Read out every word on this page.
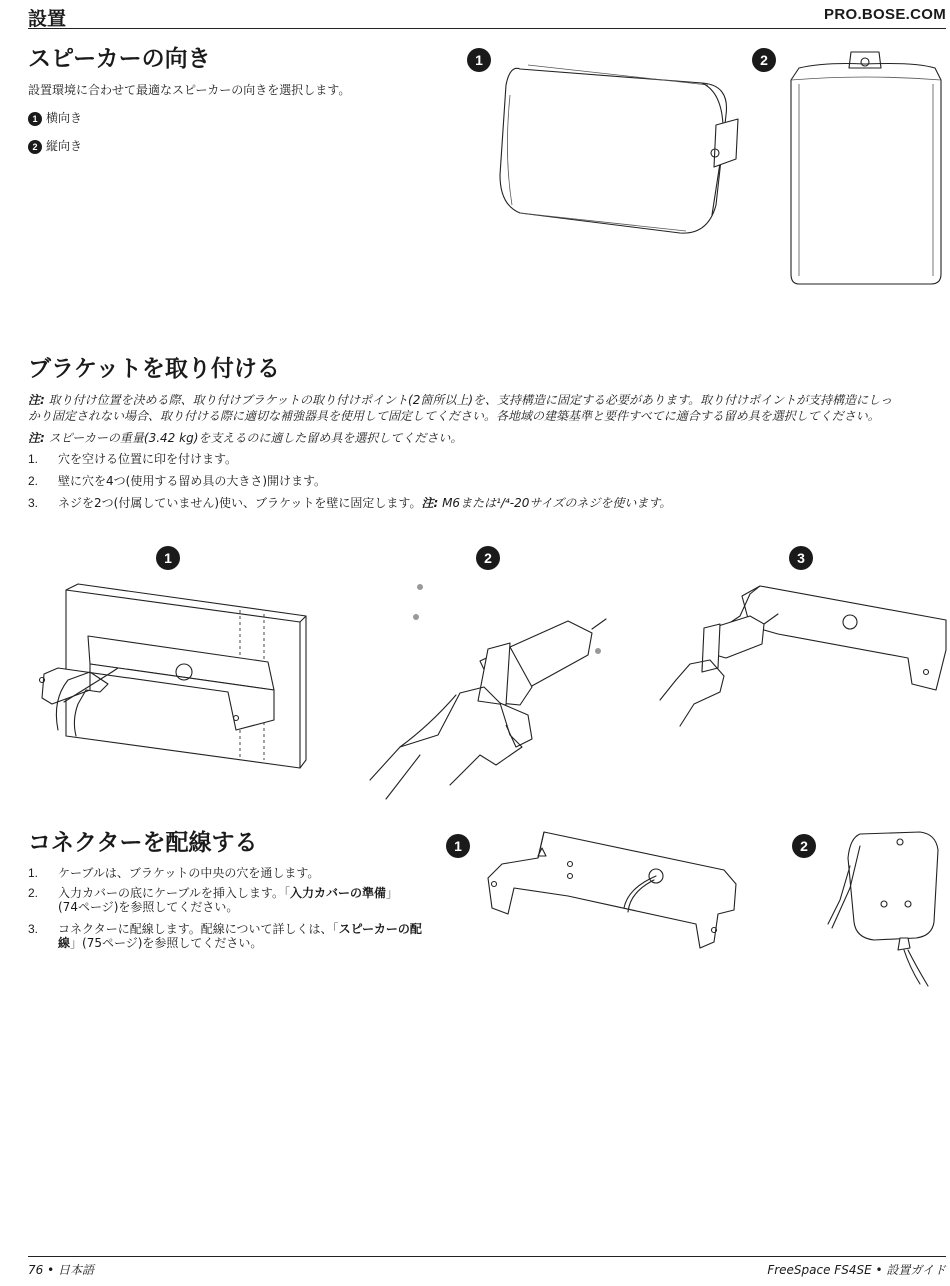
設置	PRO.BOSE.COM
スピーカーの向き
設置環境に合わせて最適なスピーカーの向きを選択します。
1 横向き
2 縦向き
1	2
ブラケットを取り付ける
注: 取り付け位置を決める際、取り付けブラケットの取り付けポイント(2箇所以上)を、支持構造に固定する必要があります。取り付けポイントが支持構造にしっ
かり固定されない場合、取り付ける際に適切な補強器具を使用して固定してください。各地域の建築基準と要件すべてに適合する留め具を選択してください。
注: スピーカーの重量(3.42 kg)を支えるのに適した留め具を選択してください。
1. 穴を空ける位置に印を付けます。
2. 壁に穴を4つ(使用する留め具の大きさ)開けます。
3. ネジを2つ(付属していません)使い、ブラケットを壁に固定します。注: M6または¹/⁴-20サイズのネジを使います。
1	2	3
コネクターを配線する
1. ケーブルは、ブラケットの中央の穴を通します。
2. 入力カバーの底にケーブルを挿入します。「入力カバーの準備」
(74ページ)を参照してください。
3. コネクターに配線します。配線について詳しくは、「スピーカーの配
線」(75ページ)を参照してください。
1	2
76 • 日本語	FreeSpace FS4SE • 設置ガイド
